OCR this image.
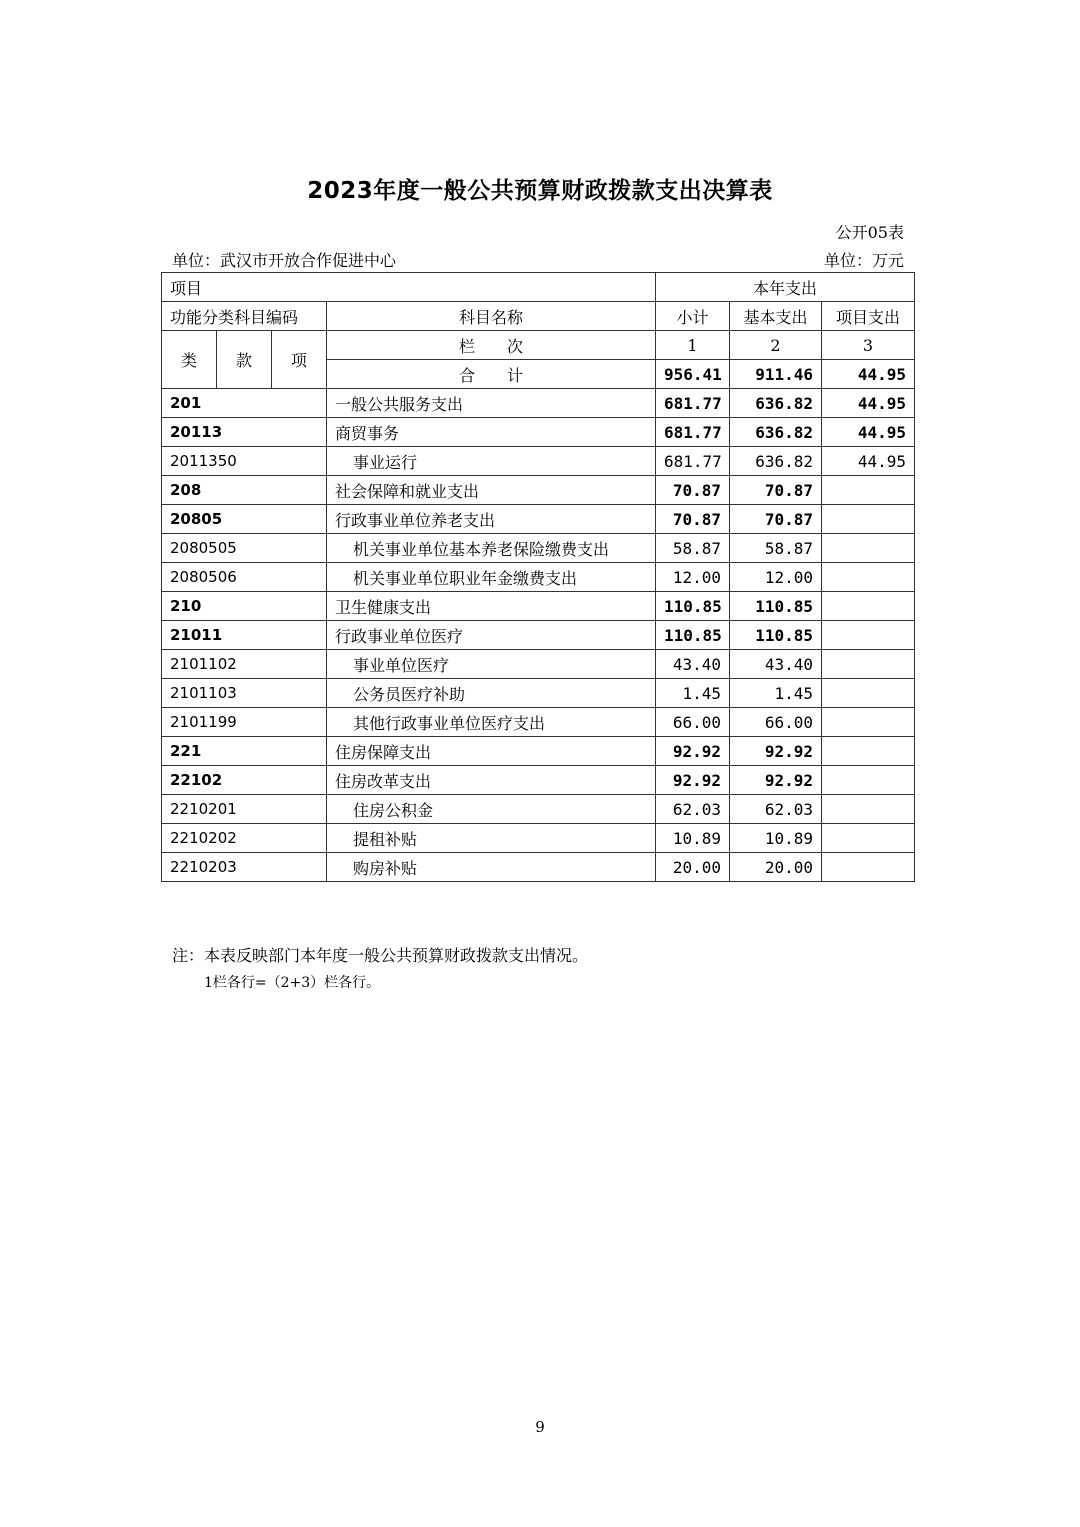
2023年度一般公共预算财政拨款支出决算表
公开05表
单位：武汉市开放合作促进中心	单位：万元
项目				本年支出		
功能分类科目编码			科目名称	小计	基本支出	项目支出
类	款	项	栏　　次	1	2	3
			合　　计	956.41	911.46	44.95
201			一般公共服务支出	681.77	636.82	44.95
20113			商贸事务	681.77	636.82	44.95
2011350			事业运行	681.77	636.82	44.95
208			社会保障和就业支出	70.87	70.87	
20805			行政事业单位养老支出	70.87	70.87	
2080505			机关事业单位基本养老保险缴费支出	58.87	58.87	
2080506			机关事业单位职业年金缴费支出	12.00	12.00	
210			卫生健康支出	110.85	110.85	
21011			行政事业单位医疗	110.85	110.85	
2101102			事业单位医疗	43.40	43.40	
2101103			公务员医疗补助	1.45	1.45	
2101199			其他行政事业单位医疗支出	66.00	66.00	
221			住房保障支出	92.92	92.92	
22102			住房改革支出	92.92	92.92	
2210201			住房公积金	62.03	62.03	
2210202			提租补贴	10.89	10.89	
2210203			购房补贴	20.00	20.00	
注：本表反映部门本年度一般公共预算财政拨款支出情况。
1栏各行=（2+3）栏各行。
9
